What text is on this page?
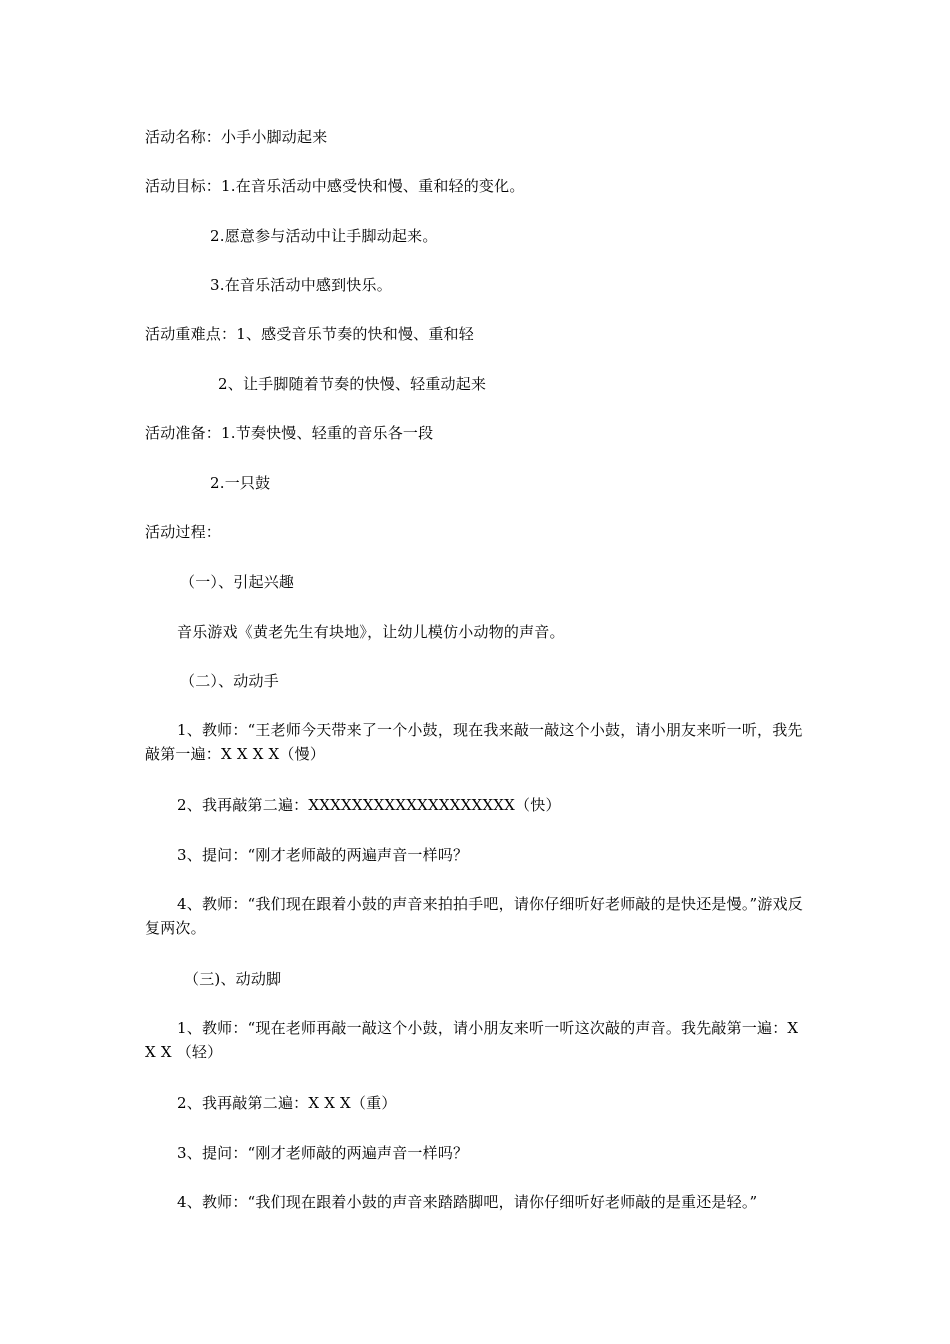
活动名称：小手小脚动起来

活动目标：1.在音乐活动中感受快和慢、重和轻的变化。

2.愿意参与活动中让手脚动起来。

3.在音乐活动中感到快乐。

活动重难点：1、感受音乐节奏的快和慢、重和轻

2、让手脚随着节奏的快慢、轻重动起来

活动准备：1.节奏快慢、轻重的音乐各一段

2.一只鼓

活动过程：

（一）、引起兴趣

音乐游戏《黄老先生有块地》，让幼儿模仿小动物的声音。

（二）、动动手

1、教师：“王老师今天带来了一个小鼓，现在我来敲一敲这个小鼓，请小朋友来听一听，我先敲第一遍：X X X X（慢）

2、我再敲第二遍：XXXXXXXXXXXXXXXXXXX（快）

3、提问：“刚才老师敲的两遍声音一样吗？

4、教师：“我们现在跟着小鼓的声音来拍拍手吧，请你仔细听好老师敲的是快还是慢。”游戏反复两次。

（三)、动动脚

1、教师：“现在老师再敲一敲这个小鼓，请小朋友来听一听这次敲的声音。我先敲第一遍：X X X （轻）

2、我再敲第二遍：X X X（重）

3、提问：“刚才老师敲的两遍声音一样吗？

4、教师：“我们现在跟着小鼓的声音来踏踏脚吧，请你仔细听好老师敲的是重还是轻。”
